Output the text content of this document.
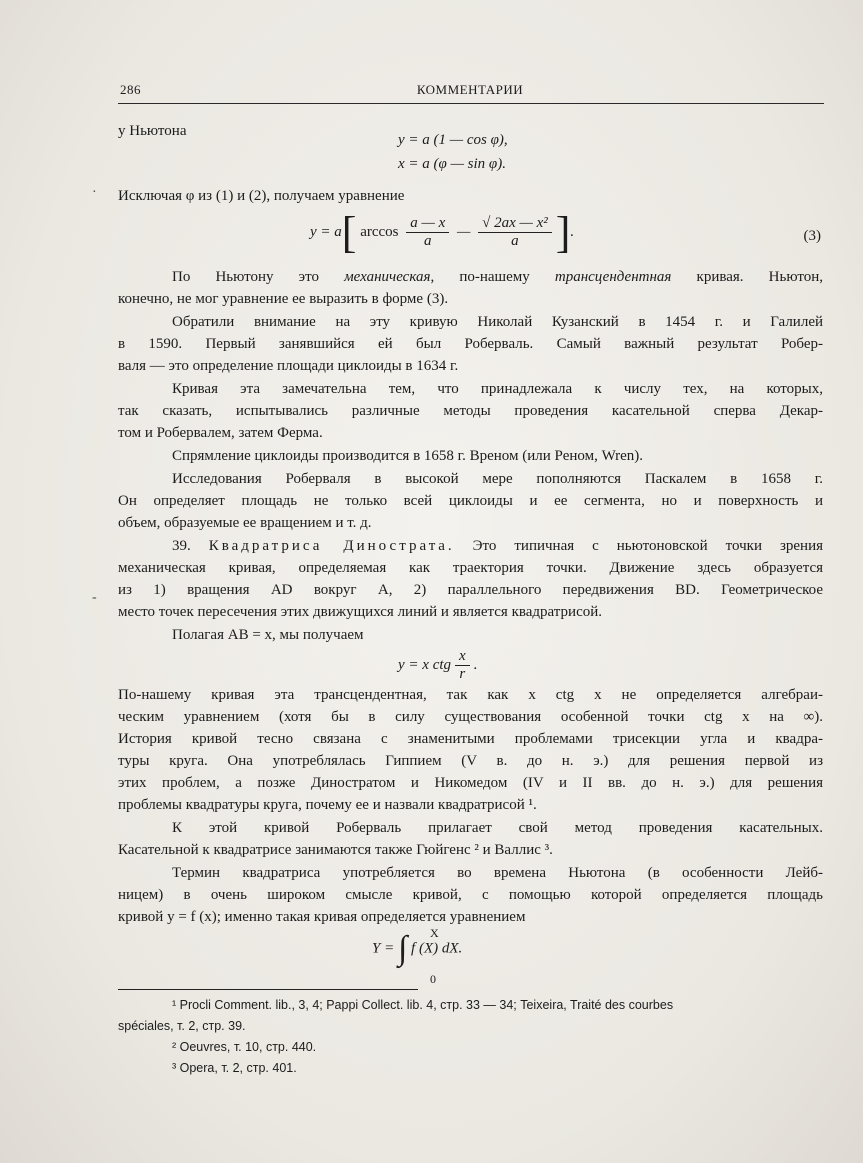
286	КОММЕНТАРИИ
у Ньютона
y = a (1 — cos φ),
x = a (φ — sin φ).
· Исключая φ из (1) и (2), получаем уравнение
y = a[ $\arccos \frac{a — x}{a}$ — $\frac{\text{√ 2ax — x²}}{a}$ ].	(3)
По Ньютону это механическая, по-нашему трансцендентная кривая. Ньютон,
конечно, не мог уравнение ее выразить в форме (3).
Обратили внимание на эту кривую Николай Кузанский в 1454 г. и Галилей
в 1590. Первый занявшийся ей был Роберваль. Самый важный результат Робер-
валя — это определение площади циклоиды в 1634 г.
Кривая эта замечательна тем, что принадлежала к числу тех, на которых,
так сказать, испытывались различные методы проведения касательной сперва Декар-
том и Робервалем, затем Ферма.
Спрямление циклоиды производится в 1658 г. Вреном (или Реном, Wren).
Исследования Роберваля в высокой мере пополняются Паскалем в 1658 г.
Он определяет площадь не только всей циклоиды и ее сегмента, но и поверхность и
объем, образуемые ее вращением и т. д.
39. Квадратриса Диностратa. Это типичная с ньютоновской точки зрения
механическая кривая, определяемая как траектория точки. Движение здесь образуется
из 1) вращения AD вокруг A, 2) параллельного передвижения BD. Геометрическое
-
место точек пересечения этих движущихся линий и является квадратрисой.
Полагая AB = x, мы получаем
y = x ctg $\frac{x}{r}$ .
По-нашему кривая эта трансцендентная, так как x ctg x не определяется алгебраи-
ческим уравнением (хотя бы в силу существования особенной точки ctg x на ∞).
История кривой тесно связана с знаменитыми проблемами трисекции угла и квадра-
туры круга. Она употреблялась Гиппием (V в. до н. э.) для решения первой из
этих проблем, а позже Диностратом и Никомедом (IV и II вв. до н. э.) для решения
проблемы квадратуры круга, почему ее и назвали квадратрисой ¹.
К этой кривой Роберваль прилагает свой метод проведения касательных.
Касательной к квадратрисе занимаются также Гюйгенс ² и Валлис ³.
Термин квадратриса употребляется во времена Ньютона (в особенности Лейб-
ницем) в очень широком смысле кривой, с помощью которой определяется площадь
кривой y = f (x); именно такая кривая определяется уравнением
Y = ∫ X
0
f (X) dX.
¹ Procli Comment. lib., 3, 4; Pappi Collect. lib. 4, стр. 33 — 34; Teixeira, Traité des courbes
spéciales, т. 2, стр. 39.
² Oeuvres, т. 10, стр. 440.
³ Opera, т. 2, стр. 401.
